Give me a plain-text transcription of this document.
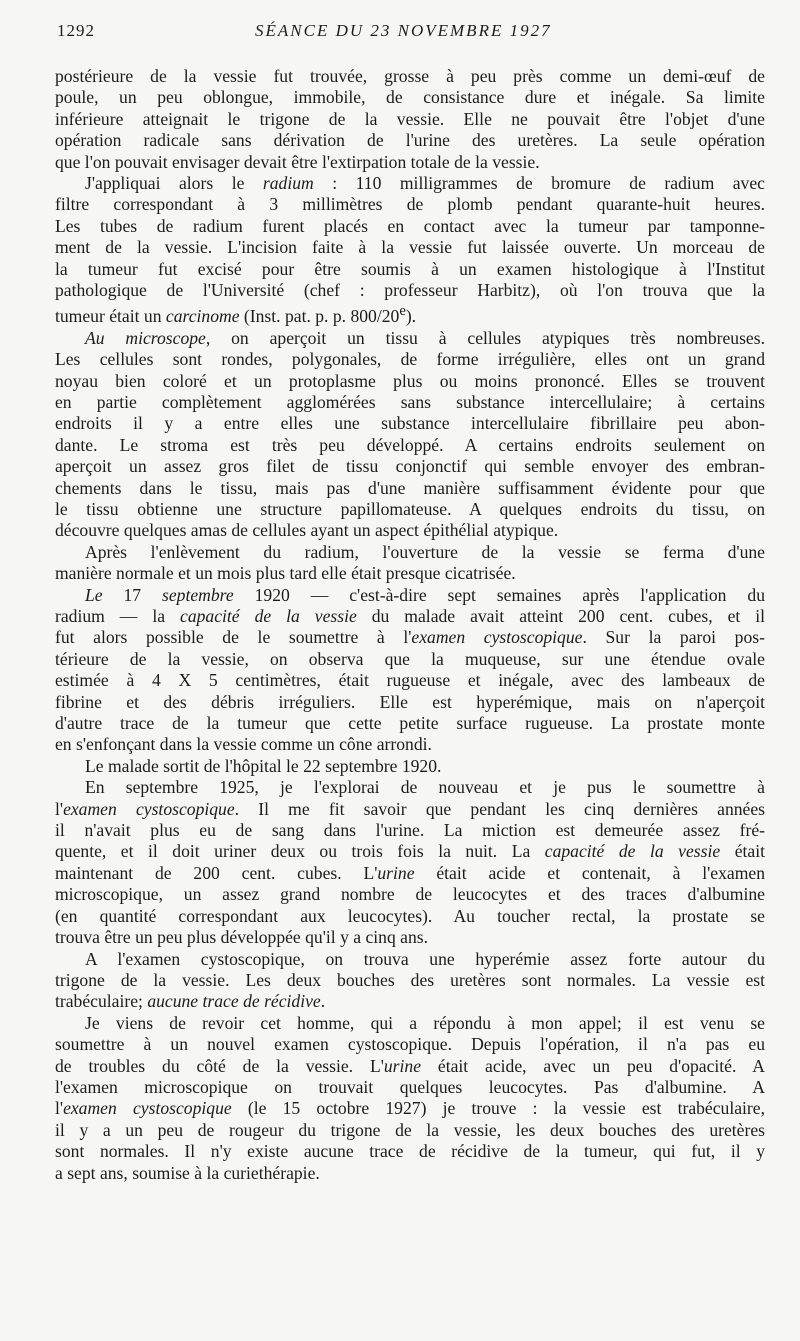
1292	SÉANCE DU 23 NOVEMBRE 1927

postérieure de la vessie fut trouvée, grosse à peu près comme un demi-œuf de

poule, un peu oblongue, immobile, de consistance dure et inégale. Sa limite

inférieure atteignait le trigone de la vessie. Elle ne pouvait être l'objet d'une

opération radicale sans dérivation de l'urine des uretères. La seule opération

que l'on pouvait envisager devait être l'extirpation totale de la vessie.

J'appliquai alors le radium : 110 milligrammes de bromure de radium avec

filtre correspondant à 3 millimètres de plomb pendant quarante-huit heures.

Les tubes de radium furent placés en contact avec la tumeur par tamponne-

ment de la vessie. L'incision faite à la vessie fut laissée ouverte. Un morceau de

la tumeur fut excisé pour être soumis à un examen histologique à l'Institut

pathologique de l'Université (chef : professeur Harbitz), où l'on trouva que la

tumeur était un carcinome (Inst. pat. p. p. 800/20e).

Au microscope, on aperçoit un tissu à cellules atypiques très nombreuses.

Les cellules sont rondes, polygonales, de forme irrégulière, elles ont un grand

noyau bien coloré et un protoplasme plus ou moins prononcé. Elles se trouvent

en partie complètement agglomérées sans substance intercellulaire; à certains

endroits il y a entre elles une substance intercellulaire fibrillaire peu abon-

dante. Le stroma est très peu développé. A certains endroits seulement on

aperçoit un assez gros filet de tissu conjonctif qui semble envoyer des embran-

chements dans le tissu, mais pas d'une manière suffisamment évidente pour que

le tissu obtienne une structure papillomateuse. A quelques endroits du tissu, on

découvre quelques amas de cellules ayant un aspect épithélial atypique.

Après l'enlèvement du radium, l'ouverture de la vessie se ferma d'une

manière normale et un mois plus tard elle était presque cicatrisée.

Le 17 septembre 1920 — c'est-à-dire sept semaines après l'application du

radium — la capacité de la vessie du malade avait atteint 200 cent. cubes, et il

fut alors possible de le soumettre à l'examen cystoscopique. Sur la paroi pos-

térieure de la vessie, on observa que la muqueuse, sur une étendue ovale

estimée à 4 X 5 centimètres, était rugueuse et inégale, avec des lambeaux de

fibrine et des débris irréguliers. Elle est hyperémique, mais on n'aperçoit

d'autre trace de la tumeur que cette petite surface rugueuse. La prostate monte

en s'enfonçant dans la vessie comme un cône arrondi.

Le malade sortit de l'hôpital le 22 septembre 1920.

En septembre 1925, je l'explorai de nouveau et je pus le soumettre à

l'examen cystoscopique. Il me fit savoir que pendant les cinq dernières années

il n'avait plus eu de sang dans l'urine. La miction est demeurée assez fré-

quente, et il doit uriner deux ou trois fois la nuit. La capacité de la vessie était

maintenant de 200 cent. cubes. L'urine était acide et contenait, à l'examen

microscopique, un assez grand nombre de leucocytes et des traces d'albumine

(en quantité correspondant aux leucocytes). Au toucher rectal, la prostate se

trouva être un peu plus développée qu'il y a cinq ans.

A l'examen cystoscopique, on trouva une hyperémie assez forte autour du

trigone de la vessie. Les deux bouches des uretères sont normales. La vessie est

trabéculaire; aucune trace de récidive.

Je viens de revoir cet homme, qui a répondu à mon appel; il est venu se

soumettre à un nouvel examen cystoscopique. Depuis l'opération, il n'a pas eu

de troubles du côté de la vessie. L'urine était acide, avec un peu d'opacité. A

l'examen microscopique on trouvait quelques leucocytes. Pas d'albumine. A

l'examen cystoscopique (le 15 octobre 1927) je trouve : la vessie est trabéculaire,

il y a un peu de rougeur du trigone de la vessie, les deux bouches des uretères

sont normales. Il n'y existe aucune trace de récidive de la tumeur, qui fut, il y

a sept ans, soumise à la curiethérapie.
